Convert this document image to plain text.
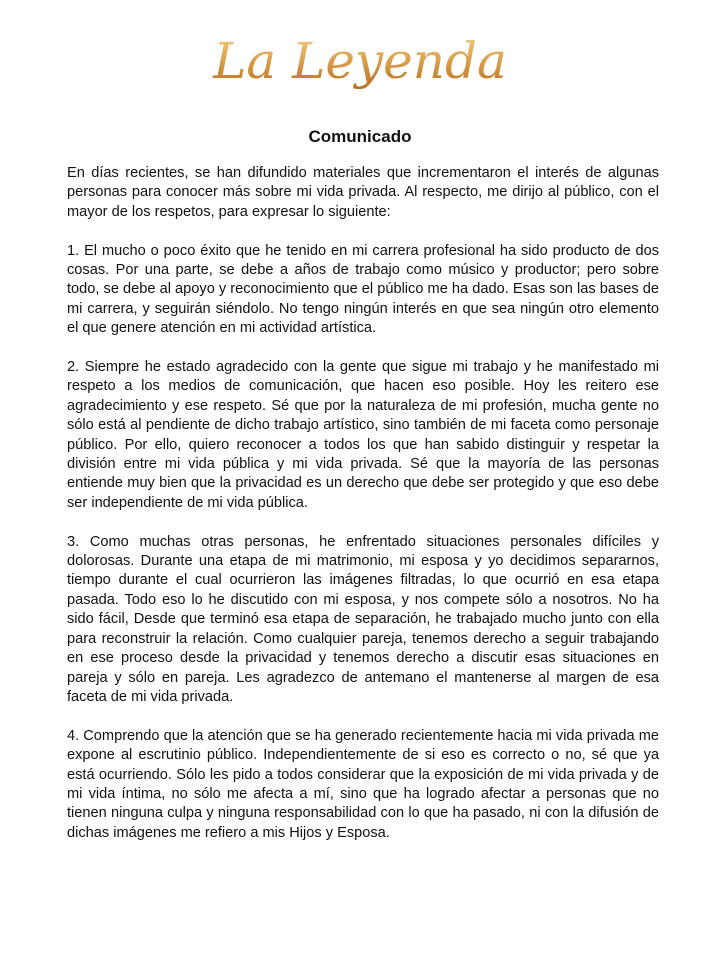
La Leyenda
Comunicado

En días recientes, se han difundido materiales que incrementaron el interés de algunas personas para conocer más sobre mi vida privada. Al respecto, me dirijo al público, con el mayor de los respetos, para expresar lo siguiente:

1. El mucho o poco éxito que he tenido en mi carrera profesional ha sido producto de dos cosas. Por una parte, se debe a años de trabajo como músico y productor; pero sobre todo, se debe al apoyo y reconocimiento que el público me ha dado. Esas son las bases de mi carrera, y seguirán siéndolo. No tengo ningún interés en que sea ningún otro elemento el que genere atención en mi actividad artística.

2. Siempre he estado agradecido con la gente que sigue mi trabajo y he manifestado mi respeto a los medios de comunicación, que hacen eso posible. Hoy les reitero ese agradecimiento y ese respeto. Sé que por la naturaleza de mi profesión, mucha gente no sólo está al pendiente de dicho trabajo artístico, sino también de mi faceta como personaje público. Por ello, quiero reconocer a todos los que han sabido distinguir y respetar la división entre mi vida pública y mi vida privada. Sé que la mayoría de las personas entiende muy bien que la privacidad es un derecho que debe ser protegido y que eso debe ser independiente de mi vida pública.

3. Como muchas otras personas, he enfrentado situaciones personales difíciles y dolorosas. Durante una etapa de mi matrimonio, mi esposa y yo decidimos separarnos, tiempo durante el cual ocurrieron las imágenes filtradas, lo que ocurrió en esa etapa pasada. Todo eso lo he discutido con mi esposa, y nos compete sólo a nosotros. No ha sido fácil, Desde que terminó esa etapa de separación, he trabajado mucho junto con ella para reconstruir la relación. Como cualquier pareja, tenemos derecho a seguir trabajando en ese proceso desde la privacidad y tenemos derecho a discutir esas situaciones en pareja y sólo en pareja. Les agradezco de antemano el mantenerse al margen de esa faceta de mi vida privada.

4. Comprendo que la atención que se ha generado recientemente hacia mi vida privada me expone al escrutinio público. Independientemente de si eso es correcto o no, sé que ya está ocurriendo. Sólo les pido a todos considerar que la exposición de mi vida privada y de mi vida íntima, no sólo me afecta a mí, sino que ha logrado afectar a personas que no tienen ninguna culpa y ninguna responsabilidad con lo que ha pasado, ni con la difusión de dichas imágenes me refiero a mis Hijos y Esposa.
